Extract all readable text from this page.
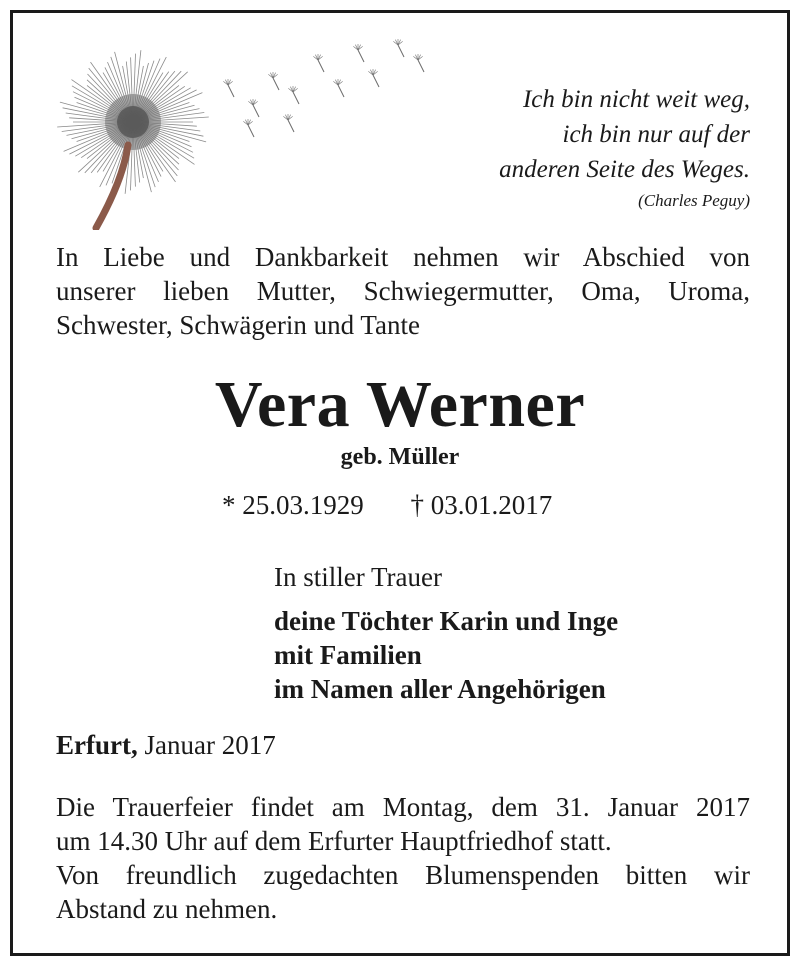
Ich bin nicht weit weg,
ich bin nur auf der
anderen Seite des Weges.
(Charles Peguy)
In Liebe und Dankbarkeit nehmen wir Abschied von
unserer lieben Mutter, Schwiegermutter, Oma, Uroma,
Schwester, Schwägerin und Tante
Vera Werner
geb. Müller
* 25.03.1929 † 03.01.2017
In stiller Trauer
deine Töchter Karin und Inge
mit Familien
im Namen aller Angehörigen
Erfurt, Januar 2017
Die Trauerfeier findet am Montag, dem 31. Januar 2017
um 14.30 Uhr auf dem Erfurter Hauptfriedhof statt.
Von freundlich zugedachten Blumenspenden bitten wir
Abstand zu nehmen.
